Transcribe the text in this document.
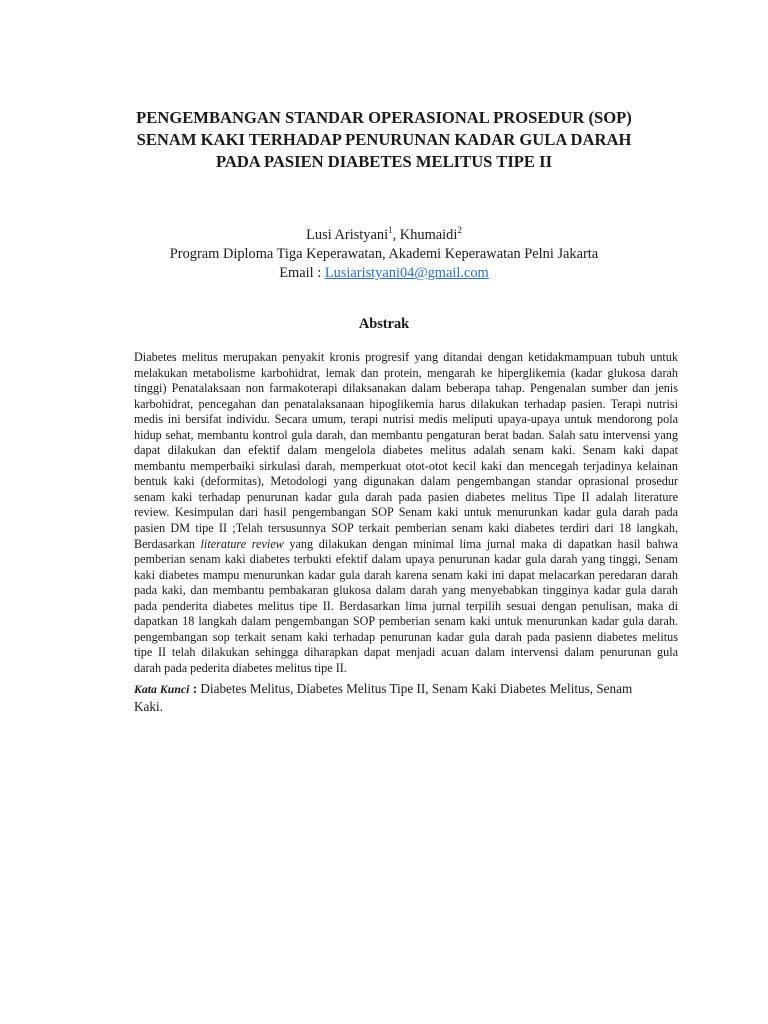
PENGEMBANGAN STANDAR OPERASIONAL PROSEDUR (SOP)
SENAM KAKI TERHADAP PENURUNAN KADAR GULA DARAH
PADA PASIEN DIABETES MELITUS TIPE II
Lusi Aristyani$^1$, Khumaidi$^2$
Program Diploma Tiga Keperawatan, Akademi Keperawatan Pelni Jakarta
Email : Lusiaristyani04@gmail.com
Abstrak
Diabetes melitus merupakan penyakit kronis progresif yang ditandai dengan ketidakmampuan tubuh untuk
melakukan metabolisme karbohidrat, lemak dan protein, mengarah ke hiperglikemia (kadar glukosa darah
tinggi) Penatalaksaan non farmakoterapi dilaksanakan dalam beberapa tahap. Pengenalan sumber dan jenis
karbohidrat, pencegahan dan penatalaksanaan hipoglikemia harus dilakukan terhadap pasien. Terapi nutrisi
medis ini bersifat individu. Secara umum, terapi nutrisi medis meliputi upaya-upaya untuk mendorong pola
hidup sehat, membantu kontrol gula darah, dan membantu pengaturan berat badan. Salah satu intervensi yang
dapat dilakukan dan efektif dalam mengelola diabetes melitus adalah senam kaki. Senam kaki dapat
membantu memperbaiki sirkulasi darah, memperkuat otot-otot kecil kaki dan mencegah terjadinya kelainan
bentuk kaki (deformitas), Metodologi yang digunakan dalam pengembangan standar oprasional prosedur
senam kaki terhadap penurunan kadar gula darah pada pasien diabetes melitus Tipe II adalah literature
review. Kesimpulan dari hasil pengembangan SOP Senam kaki untuk menurunkan kadar gula darah pada
pasien DM tipe II ;Telah tersusunnya SOP terkait pemberian senam kaki diabetes terdiri dari 18 langkah,
Berdasarkan literature review yang dilakukan dengan minimal lima jurnal maka di dapatkan hasil bahwa
pemberian senam kaki diabetes terbukti efektif dalam upaya penurunan kadar gula darah yang tinggi, Senam
kaki diabetes mampu menurunkan kadar gula darah karena senam kaki ini dapat melacarkan peredaran darah
pada kaki, dan membantu pembakaran glukosa dalam darah yang menyebabkan tingginya kadar gula darah
pada penderita diabetes melitus tipe II. Berdasarkan lima jurnal terpilih sesuai dengan penulisan, maka di
dapatkan 18 langkah dalam pengembangan SOP pemberian senam kaki untuk menurunkan kadar gula darah.
pengembangan sop terkait senam kaki terhadap penurunan kadar gula darah pada pasienn diabetes melitus
tipe II telah dilakukan sehingga diharapkan dapat menjadi acuan dalam intervensi dalam penurunan gula
darah pada pederita diabetes melitus tipe II.
Kata Kunci : Diabetes Melitus, Diabetes Melitus Tipe II, Senam Kaki Diabetes Melitus, Senam
Kaki.
